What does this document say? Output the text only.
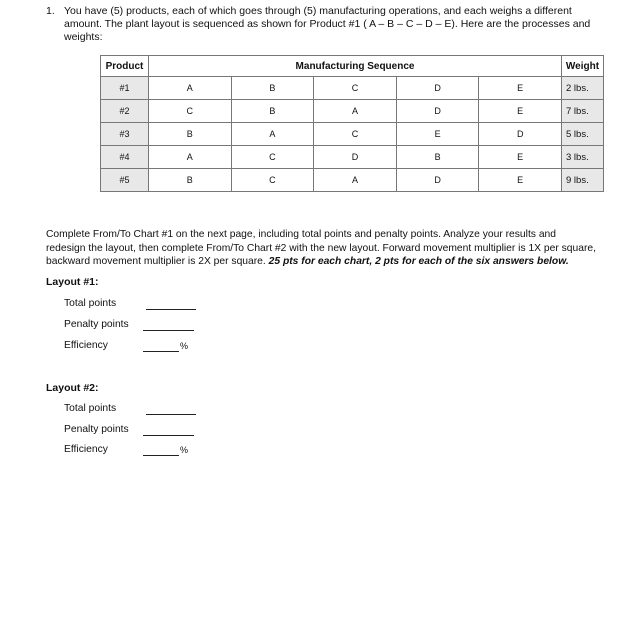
1. You have (5) products, each of which goes through (5) manufacturing operations, and each weighs a different amount. The plant layout is sequenced as shown for Product #1 ( A – B – C – D – E). Here are the processes and weights:
Product	Manufacturing Sequence					Weight
#1	A	B	C	D	E	2 lbs.
#2	C	B	A	D	E	7 lbs.
#3	B	A	C	E	D	5 lbs.
#4	A	C	D	B	E	3 lbs.
#5	B	C	A	D	E	9 lbs.
Complete From/To Chart #1 on the next page, including total points and penalty points. Analyze your results and redesign the layout, then complete From/To Chart #2 with the new layout. Forward movement multiplier is 1X per square, backward movement multiplier is 2X per square. 25 pts for each chart, 2 pts for each of the six answers below.
Layout #1:
Total points
Penalty points
Efficiency	%
Layout #2:
Total points
Penalty points
Efficiency	%
